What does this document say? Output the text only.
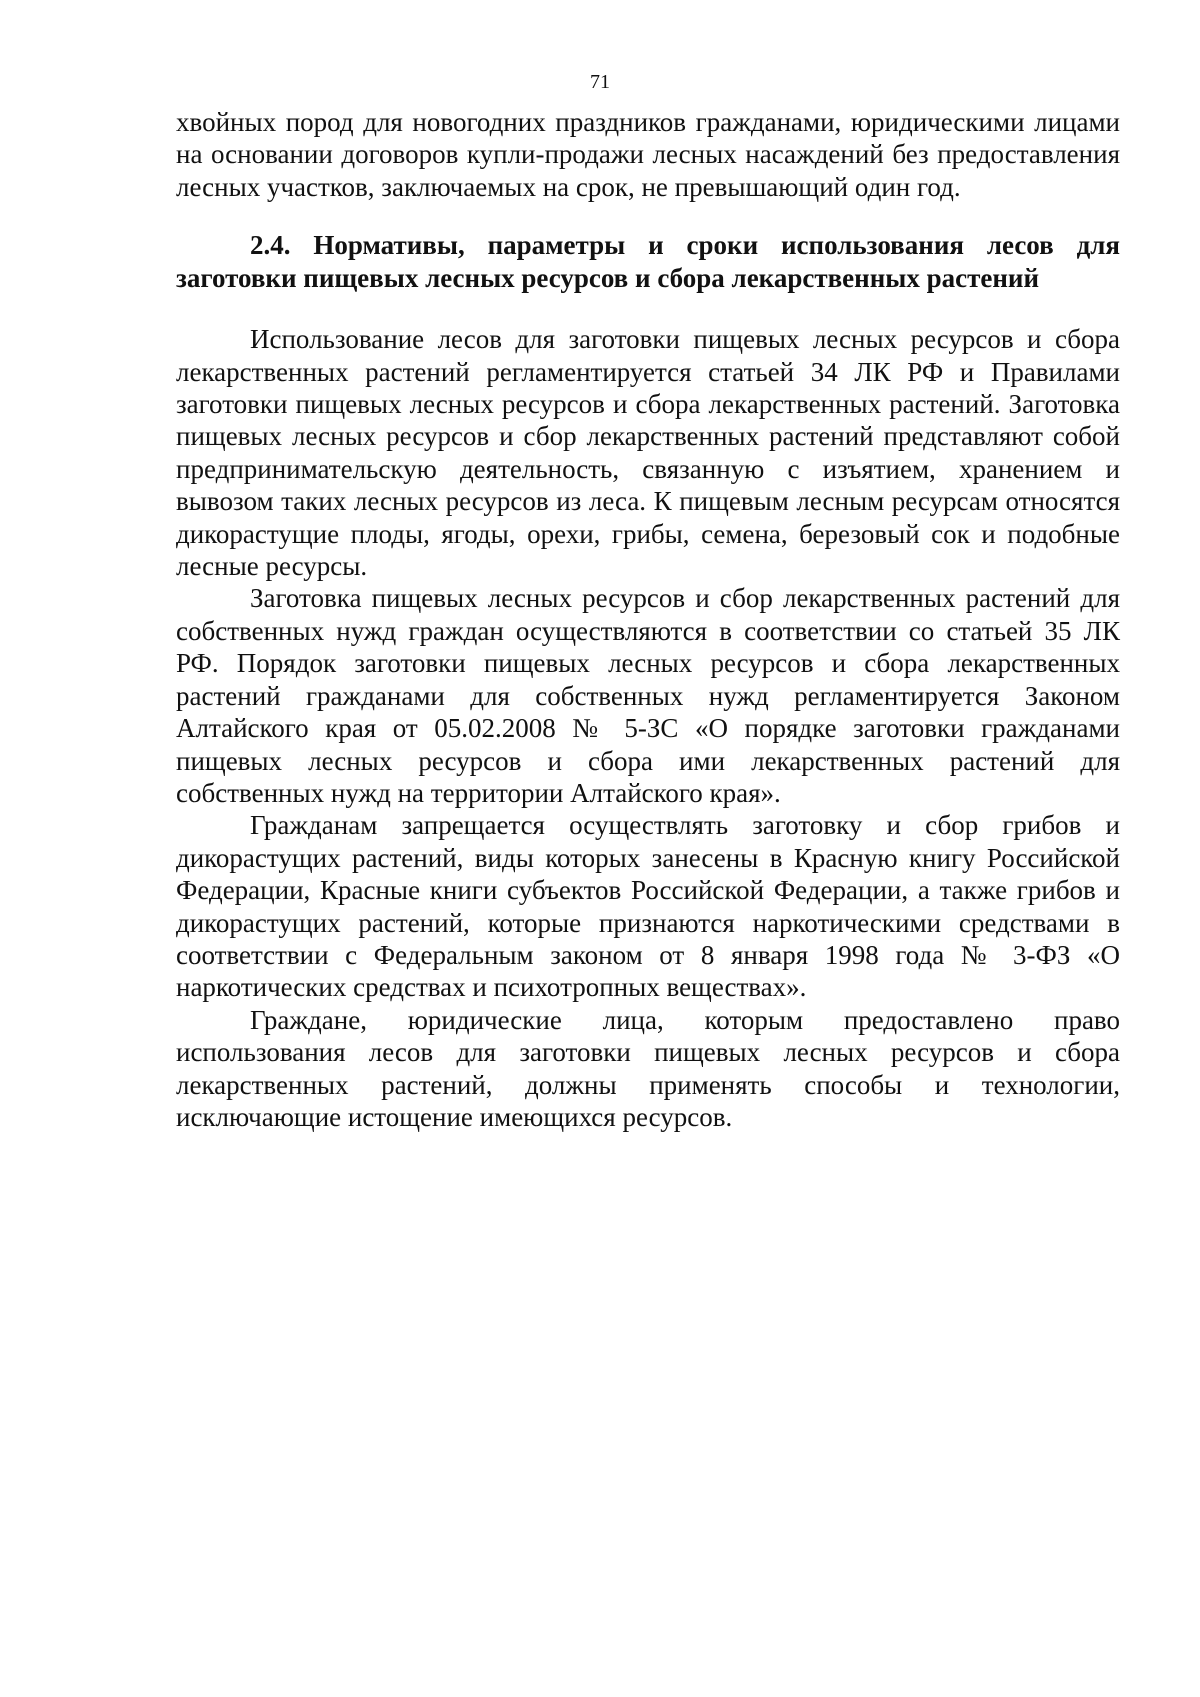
71

хвойных пород для новогодних праздников гражданами, юридическими лицами на основании договоров купли-продажи лесных насаждений без предоставления лесных участков, заключаемых на срок, не превышающий один год.

2.4. Нормативы, параметры и сроки использования лесов для заготовки пищевых лесных ресурсов и сбора лекарственных растений

Использование лесов для заготовки пищевых лесных ресурсов и сбора лекарственных растений регламентируется статьей 34 ЛК РФ и Правилами заготовки пищевых лесных ресурсов и сбора лекарственных растений. Заготовка пищевых лесных ресурсов и сбор лекарственных растений представляют собой предпринимательскую деятельность, связанную с изъятием, хранением и вывозом таких лесных ресурсов из леса. К пищевым лесным ресурсам относятся дикорастущие плоды, ягоды, орехи, грибы, семена, березовый сок и подобные лесные ресурсы.

Заготовка пищевых лесных ресурсов и сбор лекарственных растений для собственных нужд граждан осуществляются в соответствии со статьей 35 ЛК РФ. Порядок заготовки пищевых лесных ресурсов и сбора лекарственных растений гражданами для собственных нужд регламентируется Законом Алтайского края от 05.02.2008 № 5-ЗС «О порядке заготовки гражданами пищевых лесных ресурсов и сбора ими лекарственных растений для собственных нужд на территории Алтайского края».

Гражданам запрещается осуществлять заготовку и сбор грибов и дикорастущих растений, виды которых занесены в Красную книгу Российской Федерации, Красные книги субъектов Российской Федерации, а также грибов и дикорастущих растений, которые признаются наркотическими средствами в соответствии с Федеральным законом от 8 января 1998 года № 3-ФЗ «О наркотических средствах и психотропных веществах».

Граждане, юридические лица, которым предоставлено право использования лесов для заготовки пищевых лесных ресурсов и сбора лекарственных растений, должны применять способы и технологии, исключающие истощение имеющихся ресурсов.
